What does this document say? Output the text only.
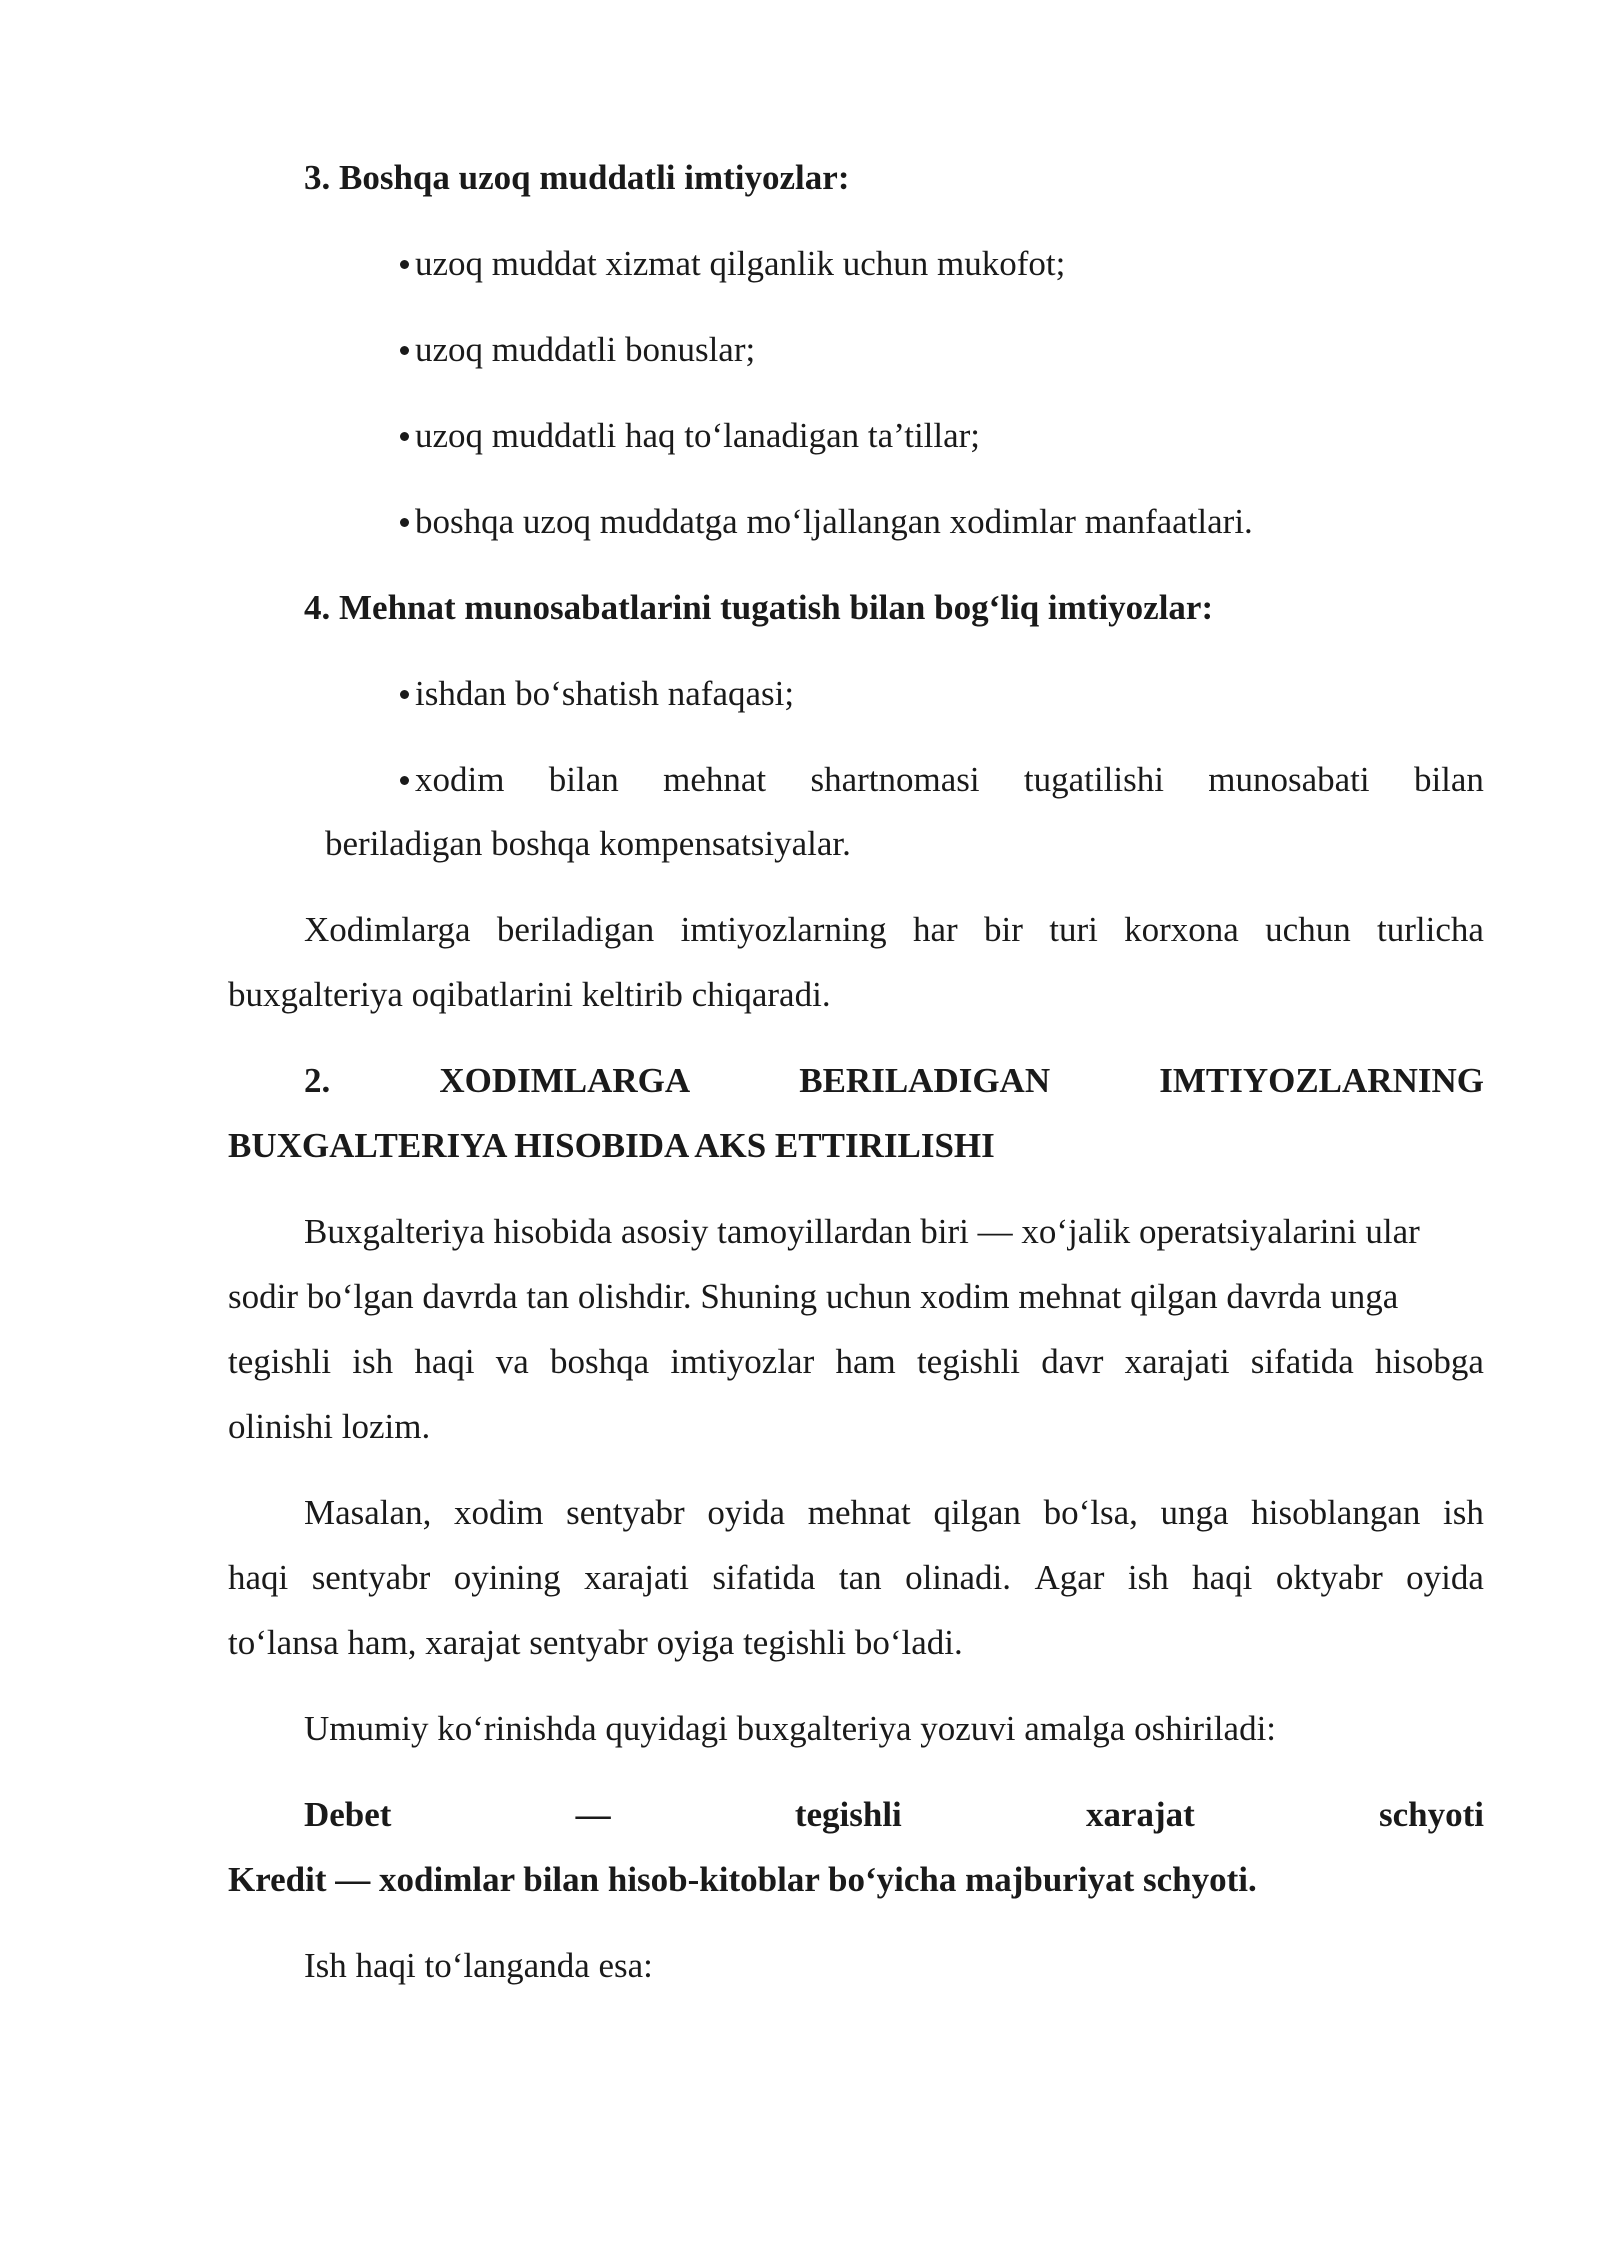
3. Boshqa uzoq muddatli imtiyozlar:
uzoq muddat xizmat qilganlik uchun mukofot;
uzoq muddatli bonuslar;
uzoq muddatli haq to‘lanadigan ta’tillar;
boshqa uzoq muddatga mo‘ljallangan xodimlar manfaatlari.
4. Mehnat munosabatlarini tugatish bilan bog‘liq imtiyozlar:
ishdan bo‘shatish nafaqasi;
xodim bilan mehnat shartnomasi tugatilishi munosabati bilan
beriladigan boshqa kompensatsiyalar.
Xodimlarga beriladigan imtiyozlarning har bir turi korxona uchun turlicha
buxgalteriya oqibatlarini keltirib chiqaradi.
2.	XODIMLARGA	BERILADIGAN	IMTIYOZLARNING
BUXGALTERIYA HISOBIDA AKS ETTIRILISHI
Buxgalteriya hisobida asosiy tamoyillardan biri — xo‘jalik operatsiyalarini ular
sodir bo‘lgan davrda tan olishdir. Shuning uchun xodim mehnat qilgan davrda unga
tegishli ish haqi va boshqa imtiyozlar ham tegishli davr xarajati sifatida hisobga
olinishi lozim.
Masalan, xodim sentyabr oyida mehnat qilgan bo‘lsa, unga hisoblangan ish
haqi sentyabr oyining xarajati sifatida tan olinadi. Agar ish haqi oktyabr oyida
to‘lansa ham, xarajat sentyabr oyiga tegishli bo‘ladi.
Umumiy ko‘rinishda quyidagi buxgalteriya yozuvi amalga oshiriladi:
Debet	—	tegishli	xarajat	schyoti
Kredit — xodimlar bilan hisob-kitoblar bo‘yicha majburiyat schyoti.
Ish haqi to‘langanda esa:
